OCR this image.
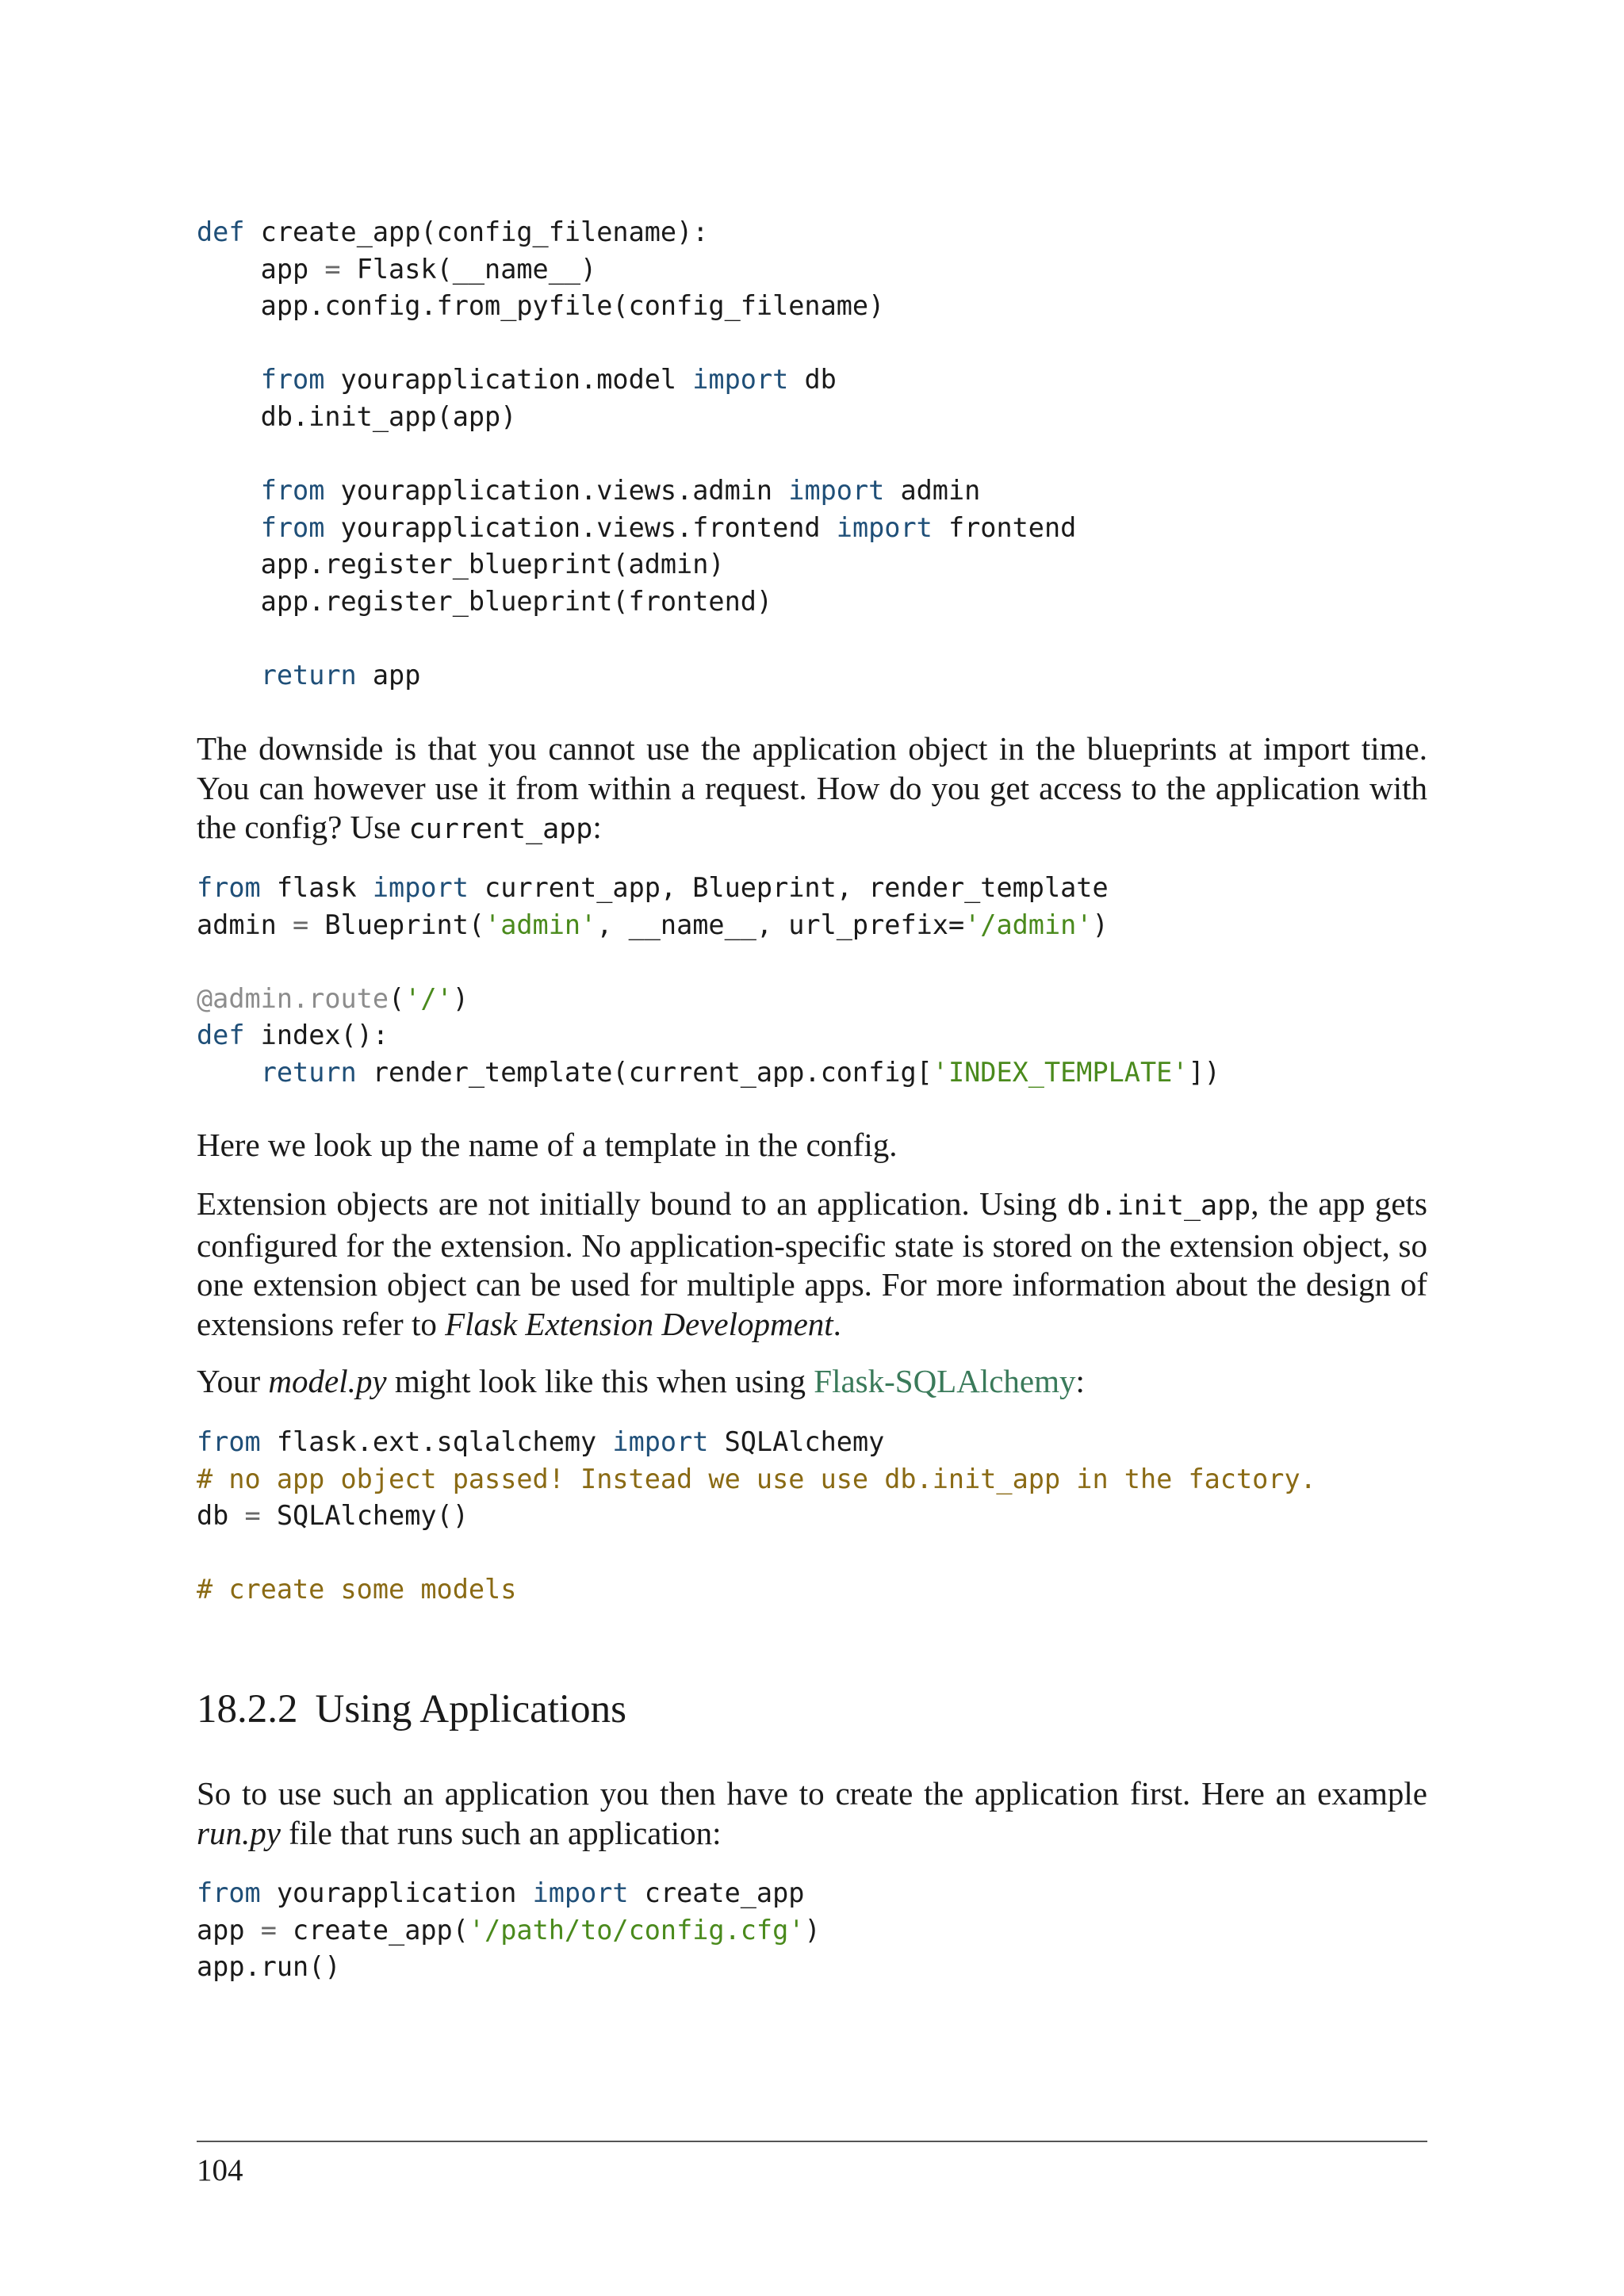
def create_app(config_filename):
app = Flask(__name__)
app.config.from_pyfile(config_filename)

from yourapplication.model import db
db.init_app(app)

from yourapplication.views.admin import admin
from yourapplication.views.frontend import frontend
app.register_blueprint(admin)
app.register_blueprint(frontend)

return app

The downside is that you cannot use the application object in the blueprints at import time. You can however use it from within a request. How do you get access to the application with the config? Use current_app:

from flask import current_app, Blueprint, render_template
admin = Blueprint('admin', __name__, url_prefix='/admin')

@admin.route('/')
def index():
return render_template(current_app.config['INDEX_TEMPLATE'])

Here we look up the name of a template in the config.

Extension objects are not initially bound to an application. Using db.init_app, the app gets configured for the extension. No application-specific state is stored on the extension object, so one extension object can be used for multiple apps. For more information about the design of extensions refer to Flask Extension Development.

Your model.py might look like this when using Flask-SQLAlchemy:

from flask.ext.sqlalchemy import SQLAlchemy
# no app object passed! Instead we use use db.init_app in the factory.
db = SQLAlchemy()

# create some models
18.2.2 Using Applications

So to use such an application you then have to create the application first. Here an example run.py file that runs such an application:

from yourapplication import create_app
app = create_app('/path/to/config.cfg')
app.run()
104
